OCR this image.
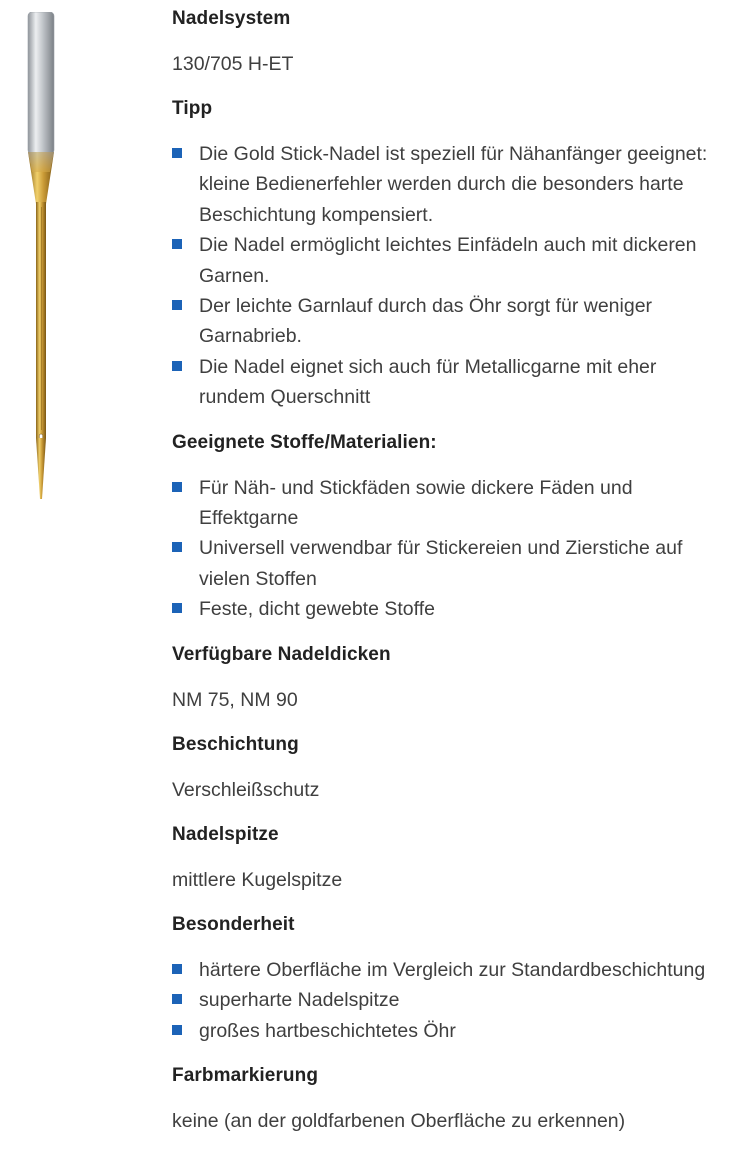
Nadelsystem
130/705 H-ET
Tipp
Die Gold Stick-Nadel ist speziell für Nähanfänger geeignet: kleine Bedienerfehler werden durch die besonders harte Beschichtung kompensiert.
Die Nadel ermöglicht leichtes Einfädeln auch mit dickeren Garnen.
Der leichte Garnlauf durch das Öhr sorgt für weniger Garnabrieb.
Die Nadel eignet sich auch für Metallicgarne mit eher rundem Querschnitt
Geeignete Stoffe/Materialien:
Für Näh- und Stickfäden sowie dickere Fäden und Effektgarne
Universell verwendbar für Stickereien und Zierstiche auf vielen Stoffen
Feste, dicht gewebte Stoffe
Verfügbare Nadeldicken
NM 75, NM 90
Beschichtung
Verschleißschutz
Nadelspitze
mittlere Kugelspitze
Besonderheit
härtere Oberfläche im Vergleich zur Standardbeschichtung
superharte Nadelspitze
großes hartbeschichtetes Öhr
Farbmarkierung
keine (an der goldfarbenen Oberfläche zu erkennen)
